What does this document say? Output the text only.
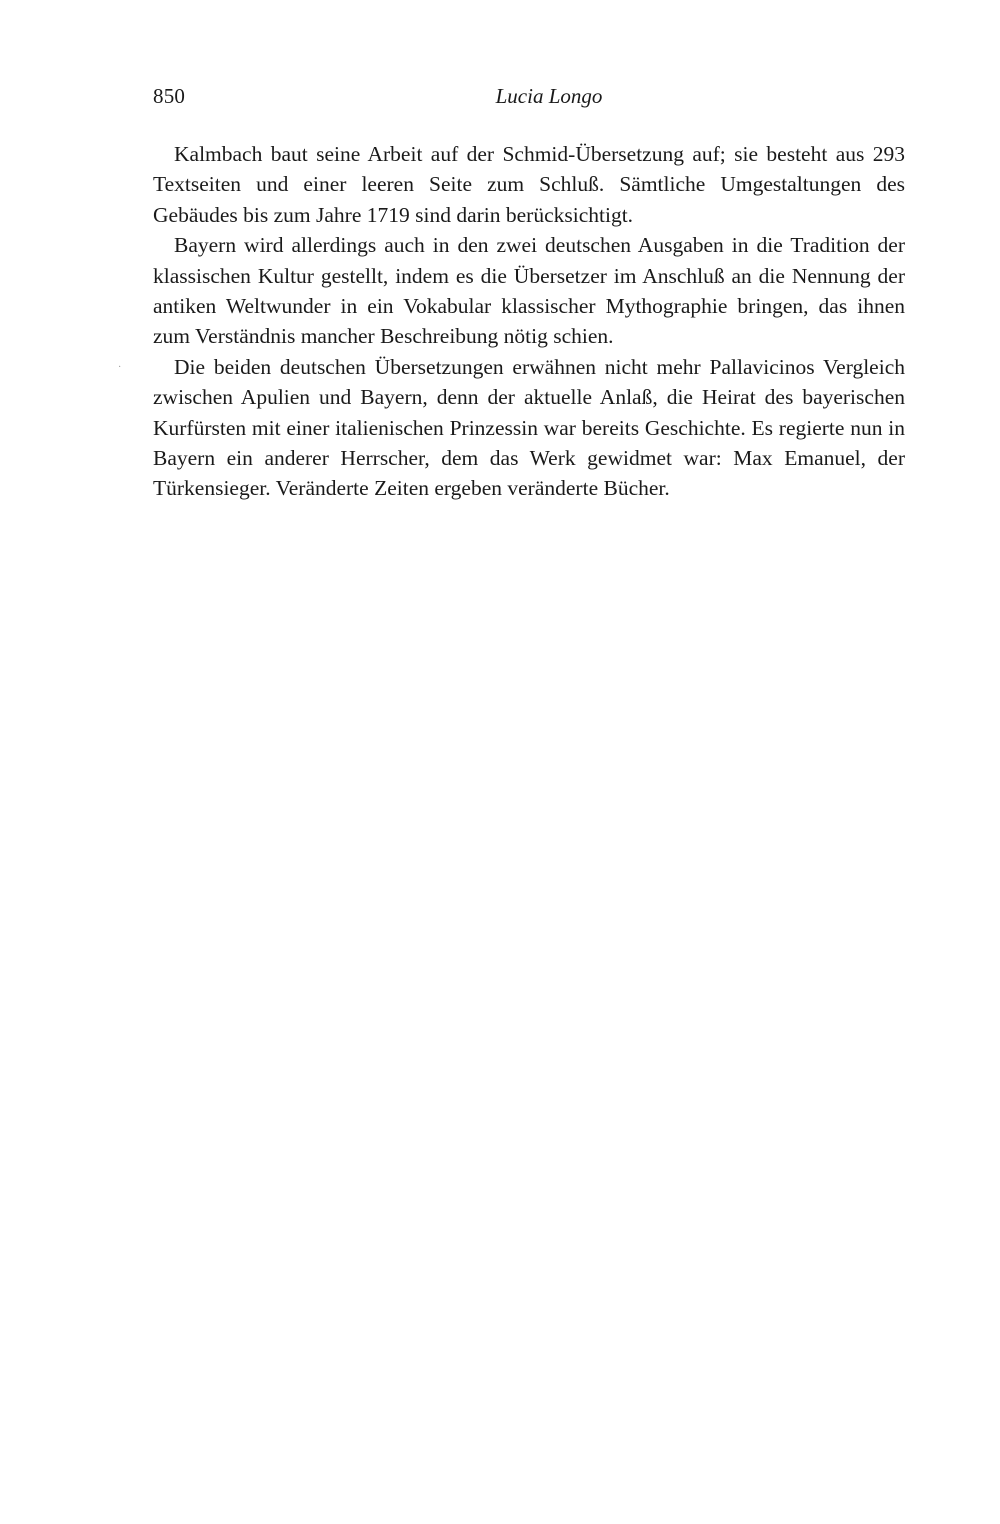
850	Lucia Longo
·

Kalmbach baut seine Arbeit auf der Schmid-Übersetzung auf; sie besteht aus 293 Textseiten und einer leeren Seite zum Schluß. Sämtliche Umgestaltungen des Gebäudes bis zum Jahre 1719 sind darin berücksichtigt.

Bayern wird allerdings auch in den zwei deutschen Ausgaben in die Tradition der klassischen Kultur gestellt, indem es die Übersetzer im Anschluß an die Nennung der antiken Weltwunder in ein Vokabular klassischer Mythographie bringen, das ihnen zum Verständnis mancher Beschreibung nötig schien.

Die beiden deutschen Übersetzungen erwähnen nicht mehr Pallavicinos Vergleich zwischen Apulien und Bayern, denn der aktuelle Anlaß, die Heirat des bayerischen Kurfürsten mit einer italienischen Prinzessin war bereits Geschichte. Es regierte nun in Bayern ein anderer Herrscher, dem das Werk gewidmet war: Max Emanuel, der Türkensieger. Veränderte Zeiten ergeben veränderte Bücher.
